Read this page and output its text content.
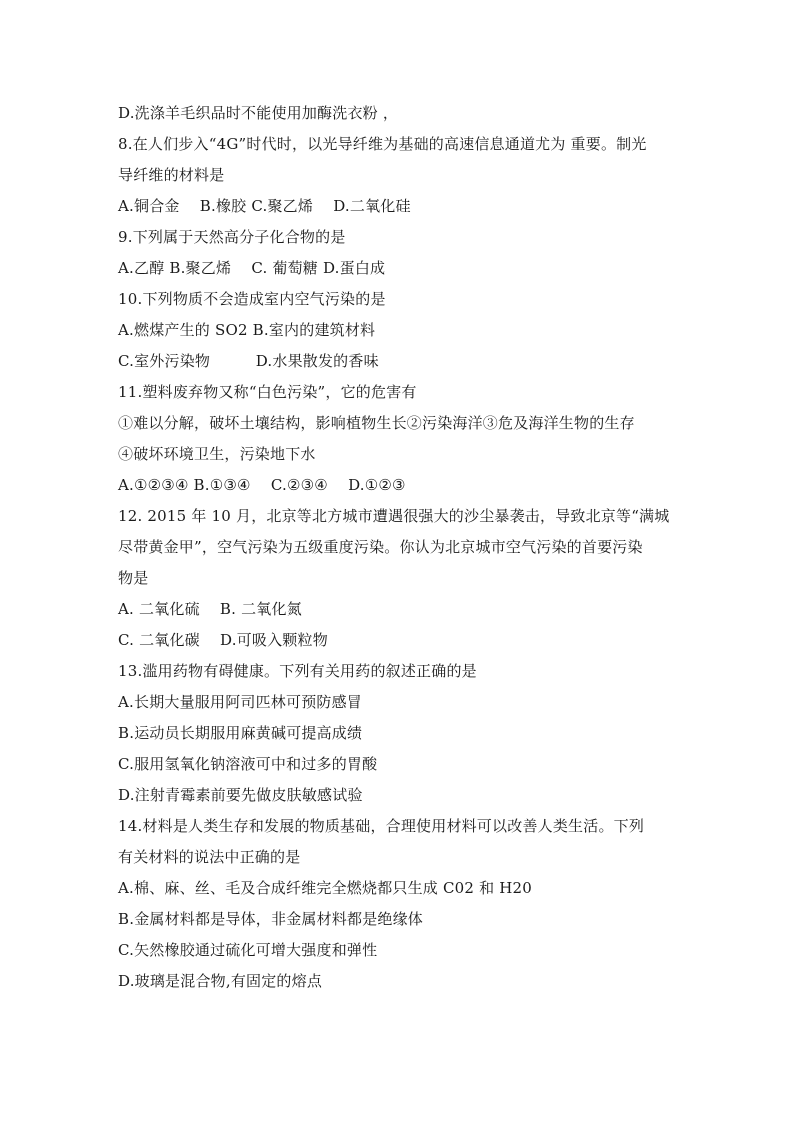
D.洗涤羊毛织品时不能使用加酶洗衣粉 ，
8.在人们步入“4G”时代时，以光导纤维为基础的高速信息通道尤为 重要。制光
导纤维的材料是
A.铜合金　 B.橡胶 C.聚乙烯　 D.二氧化硅
9.下列属于天然高分子化合物的是
A.乙醇 B.聚乙烯　 C. 葡萄糖 D.蛋白成
10.下列物质不会造成室内空气污染的是
A.燃煤产生的 SO2 B.室内的建筑材料
C.室外污染物　　　D.水果散发的香味
11.塑料废弃物又称“白色污染”，它的危害有
①难以分解，破坏土壤结构，影响植物生长②污染海洋③危及海洋生物的生存
④破坏环境卫生，污染地下水
A.①②③④ B.①③④　 C.②③④　 D.①②③
12. 2015 年 10 月，北京等北方城市遭遇很强大的沙尘暴袭击，导致北京等“满城
尽带黄金甲”，空气污染为五级重度污染。你认为北京城市空气污染的首要污染
物是
A. 二氧化硫　 B. 二氧化氮
C. 二氧化碳　 D.可吸入颗粒物
13.滥用药物有碍健康。下列有关用药的叙述正确的是
A.长期大量服用阿司匹林可预防感冒
B.运动员长期服用麻黄碱可提高成绩
C.服用氢氧化钠溶液可中和过多的胃酸
D.注射青霉素前要先做皮肤敏感试验
14.材料是人类生存和发展的物质基础，合理使用材料可以改善人类生活。下列
有关材料的说法中正确的是
A.棉、麻、丝、毛及合成纤维完全燃烧都只生成 C02 和 H20
B.金属材料都是导体，非金属材料都是绝缘体
C.矢然橡胶通过硫化可增大强度和弹性
D.玻璃是混合物,有固定的熔点
